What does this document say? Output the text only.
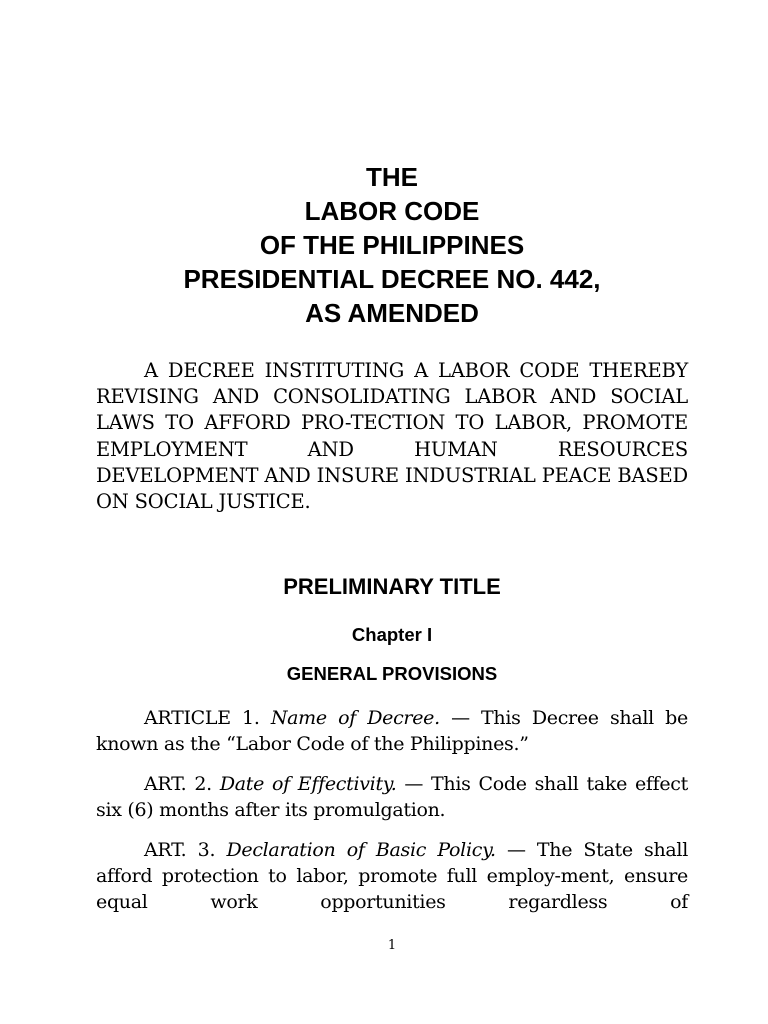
THE
LABOR CODE
OF THE PHILIPPINES
PRESIDENTIAL DECREE NO. 442,
AS AMENDED

A DECREE INSTITUTING A LABOR CODE THEREBY REVISING AND CONSOLIDATING LABOR AND SOCIAL LAWS TO AFFORD PRO-TECTION TO LABOR, PROMOTE EMPLOYMENT AND HUMAN RESOURCES DEVELOPMENT AND INSURE INDUSTRIAL PEACE BASED ON SOCIAL JUSTICE.

PRELIMINARY TITLE
Chapter I
GENERAL PROVISIONS

ARTICLE 1. Name of Decree. — This Decree shall be known as the “Labor Code of the Philippines.”

ART. 2. Date of Effectivity. — This Code shall take effect six (6) months after its promulgation.

ART. 3. Declaration of Basic Policy. — The State shall afford protection to labor, promote full employ-ment, ensure equal work opportunities regardless of

1
